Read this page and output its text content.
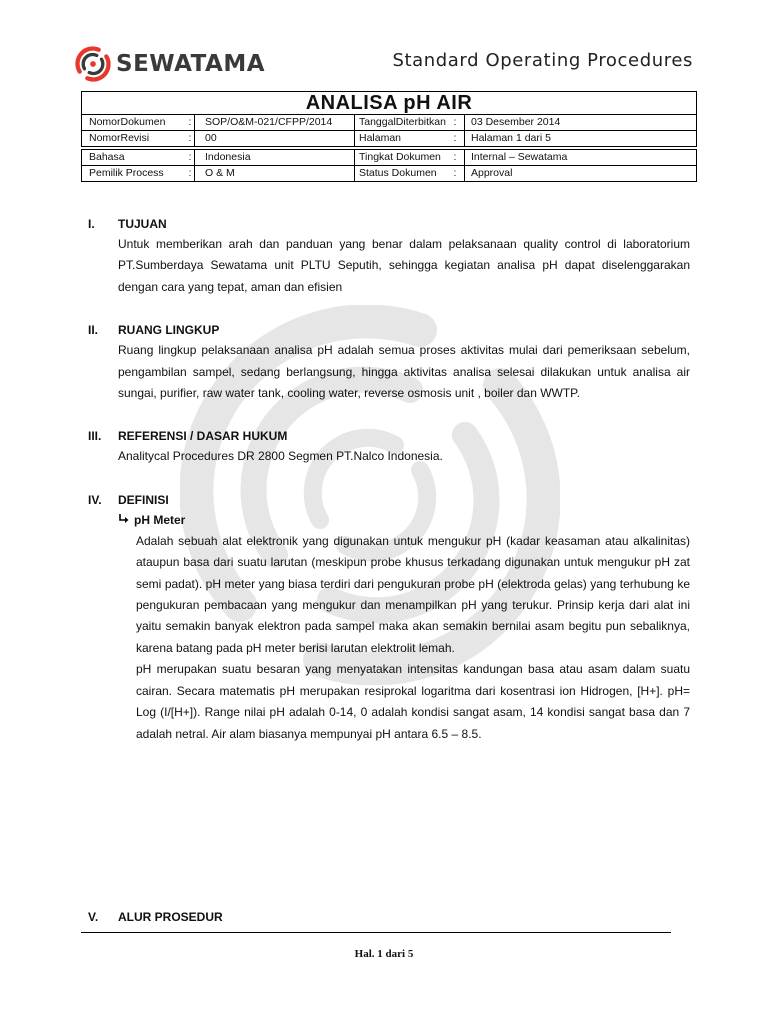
SEWATAMA	Standard Operating Procedures
ANALISA pH AIR
NomorDokumen	:	SOP/O&M-021/CFPP/2014	TanggalDiterbitkan :	03 Desember 2014
NomorRevisi	:	00	Halaman	:	Halaman 1 dari 5
Bahasa	:	Indonesia	Tingkat Dokumen	:	Internal – Sewatama
Pemilik Process	:	O & M	Status Dokumen	:	Approval
I.	TUJUAN
Untuk memberikan arah dan panduan yang benar dalam pelaksanaan quality control di laboratorium PT.Sumberdaya Sewatama unit PLTU Seputih, sehingga kegiatan analisa pH dapat diselenggarakan dengan cara yang tepat, aman dan efisien
II.	RUANG LINGKUP
Ruang lingkup pelaksanaan analisa pH adalah semua proses aktivitas mulai dari pemeriksaan sebelum, pengambilan sampel, sedang berlangsung, hingga aktivitas analisa selesai dilakukan untuk analisa air sungai, purifier, raw water tank, cooling water, reverse osmosis unit , boiler dan WWTP.
III.	REFERENSI / DASAR HUKUM
Analitycal Procedures DR 2800 Segmen PT.Nalco Indonesia.
IV.	DEFINISI
pH Meter
Adalah sebuah alat elektronik yang digunakan untuk mengukur pH (kadar keasaman atau alkalinitas) ataupun basa dari suatu larutan (meskipun probe khusus terkadang digunakan untuk mengukur pH zat semi padat). pH meter yang biasa terdiri dari pengukuran probe pH (elektroda gelas) yang terhubung ke pengukuran pembacaan yang mengukur dan menampilkan pH yang terukur. Prinsip kerja dari alat ini yaitu semakin banyak elektron pada sampel maka akan semakin bernilai asam begitu pun sebaliknya, karena batang pada pH meter berisi larutan elektrolit lemah.
pH merupakan suatu besaran yang menyatakan intensitas kandungan basa atau asam dalam suatu cairan. Secara matematis pH merupakan resiprokal logaritma dari kosentrasi ion Hidrogen, [H+]. pH= Log (I/[H+]). Range nilai pH adalah 0-14, 0 adalah kondisi sangat asam, 14 kondisi sangat basa dan 7 adalah netral. Air alam biasanya mempunyai pH antara 6.5 – 8.5.
V.	ALUR PROSEDUR
Hal. 1 dari 5
